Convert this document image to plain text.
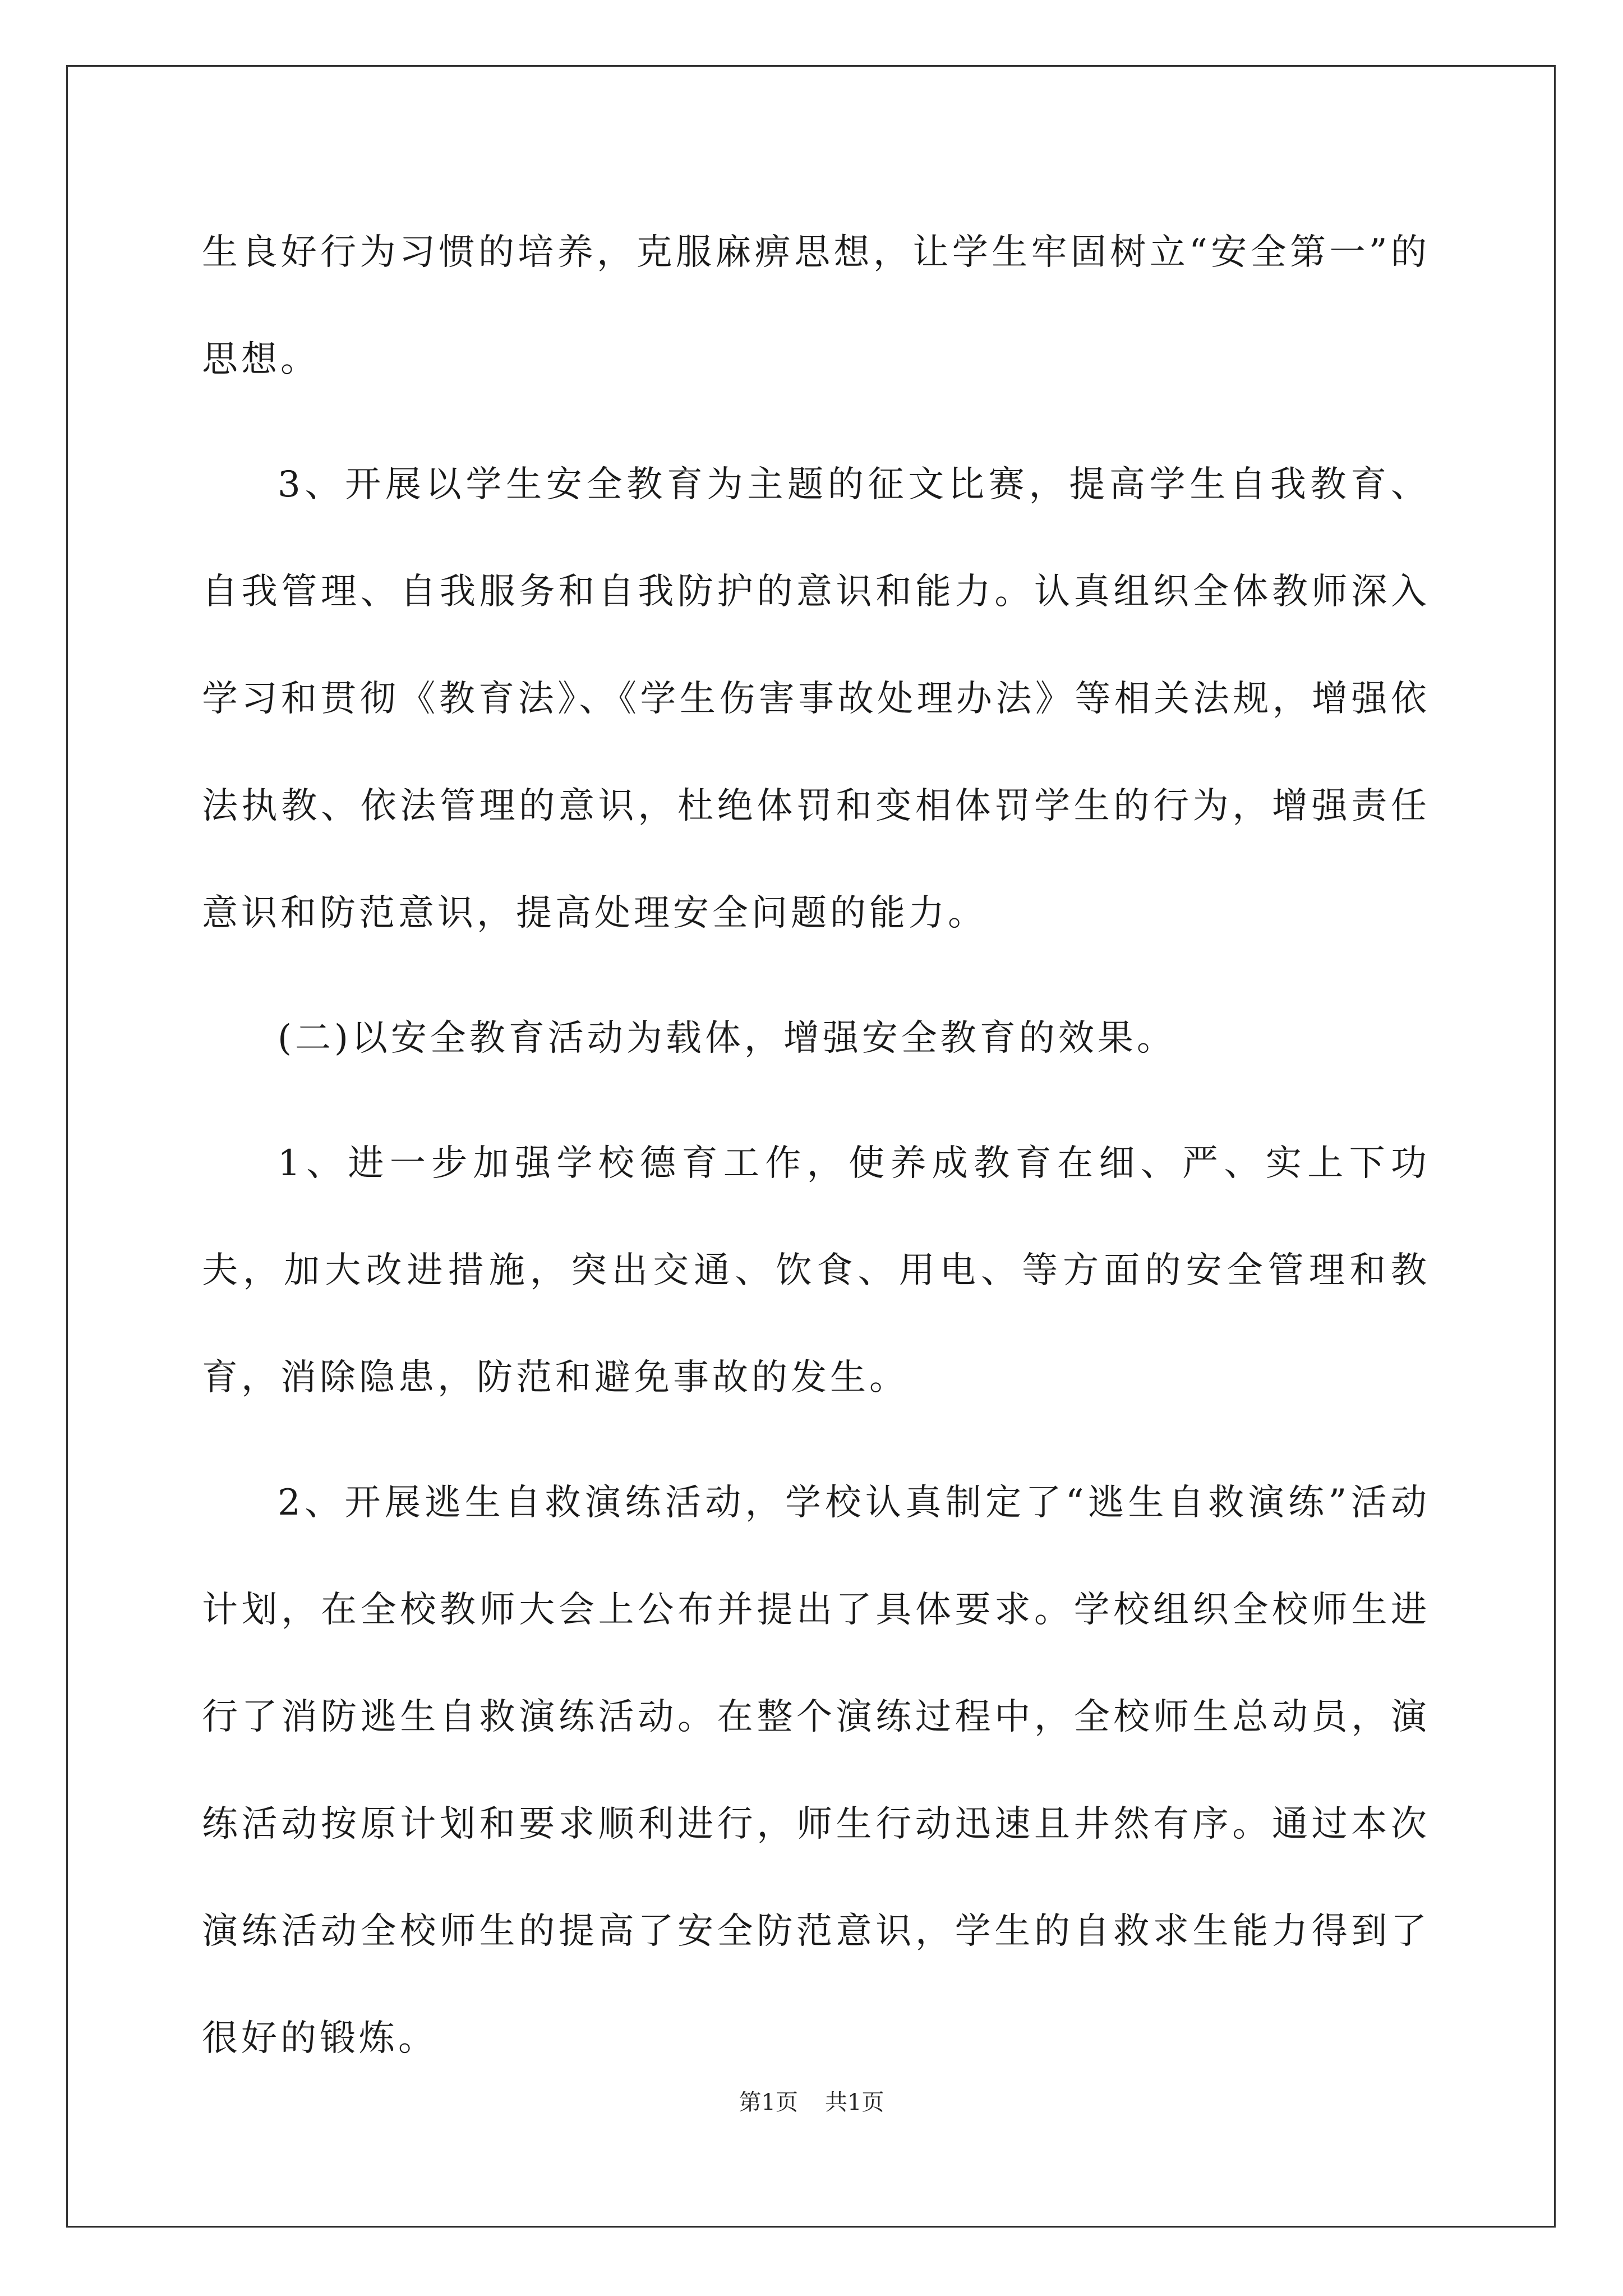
生良好行为习惯的培养，克服麻痹思想，让学生牢固树立“安全第一”的思想。

3、开展以学生安全教育为主题的征文比赛，提高学生自我教育、自我管理、自我服务和自我防护的意识和能力。认真组织全体教师深入学习和贯彻《教育法》、《学生伤害事故处理办法》等相关法规，增强依法执教、依法管理的意识，杜绝体罚和变相体罚学生的行为，增强责任意识和防范意识，提高处理安全问题的能力。

(二)以安全教育活动为载体，增强安全教育的效果。

1、进一步加强学校德育工作，使养成教育在细、严、实上下功夫，加大改进措施，突出交通、饮食、用电、等方面的安全管理和教育，消除隐患，防范和避免事故的发生。

2、开展逃生自救演练活动，学校认真制定了“逃生自救演练”活动计划，在全校教师大会上公布并提出了具体要求。学校组织全校师生进行了消防逃生自救演练活动。在整个演练过程中，全校师生总动员，演练活动按原计划和要求顺利进行，师生行动迅速且井然有序。通过本次演练活动全校师生的提高了安全防范意识，学生的自救求生能力得到了很好的锻炼。

第1页 共1页
